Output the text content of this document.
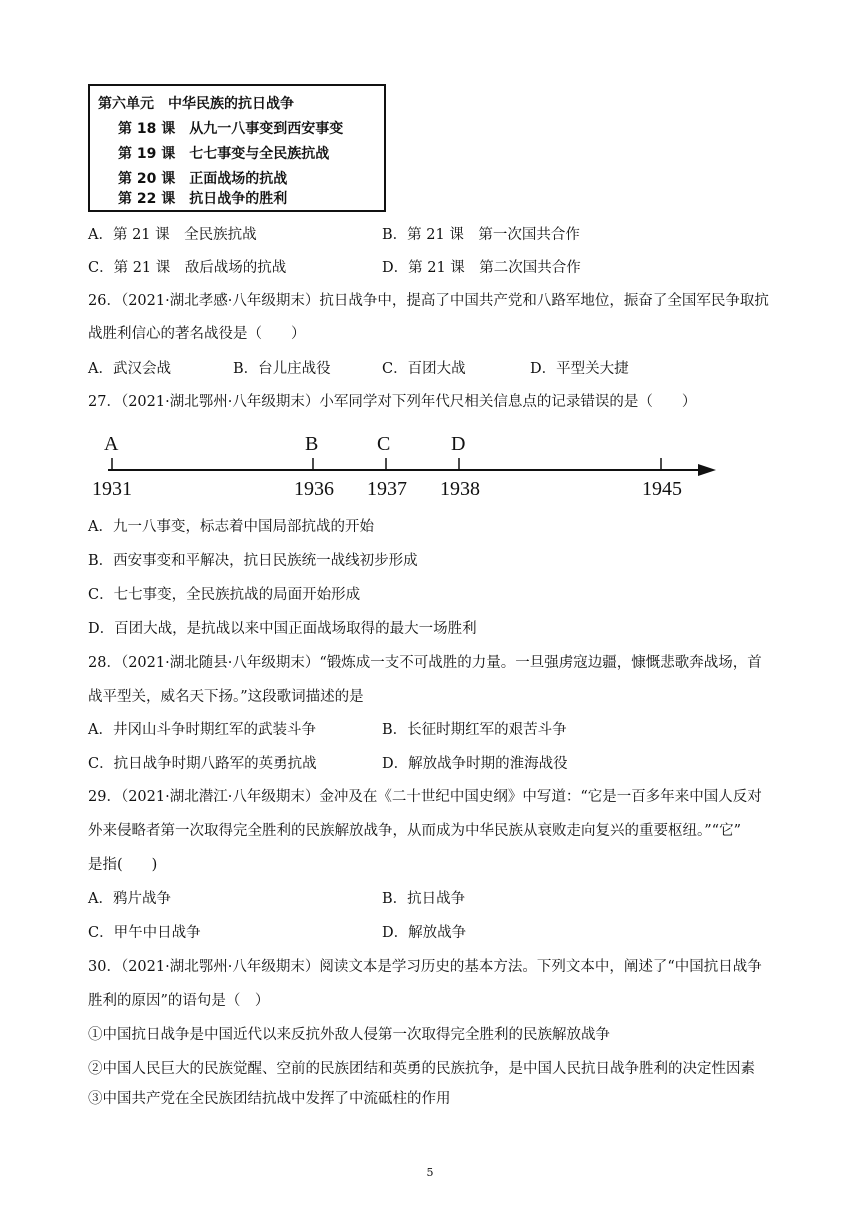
第六单元　中华民族的抗日战争
第 18 课　从九一八事变到西安事变
第 19 课　七七事变与全民族抗战
第 20 课　正面战场的抗战
第 22 课　抗日战争的胜利
A．第 21 课　全民族抗战	B．第 21 课　第一次国共合作
C．第 21 课　敌后战场的抗战	D．第 21 课　第二次国共合作
26．（2021·湖北孝感·八年级期末）抗日战争中，提高了中国共产党和八路军地位，振奋了全国军民争取抗
战胜利信心的著名战役是（　　）
A．武汉会战	B．台儿庄战役	C．百团大战	D．平型关大捷
27．（2021·湖北鄂州·八年级期末）小军同学对下列年代尺相关信息点的记录错误的是（　　）
A	B	C	D
1931	1936 1937 1938	1945
A．九一八事变，标志着中国局部抗战的开始
B．西安事变和平解决，抗日民族统一战线初步形成
C．七七事变，全民族抗战的局面开始形成
D．百团大战，是抗战以来中国正面战场取得的最大一场胜利
28．（2021·湖北随县·八年级期末）“锻炼成一支不可战胜的力量。一旦强虏寇边疆，慷慨悲歌奔战场，首
战平型关，威名天下扬。”这段歌词描述的是
A．井冈山斗争时期红军的武装斗争	B．长征时期红军的艰苦斗争
C．抗日战争时期八路军的英勇抗战	D．解放战争时期的淮海战役
29．（2021·湖北潜江·八年级期末）金冲及在《二十世纪中国史纲》中写道：“它是一百多年来中国人反对
外来侵略者第一次取得完全胜利的民族解放战争，从而成为中华民族从衰败走向复兴的重要枢纽。”“它”
是指(　　)
A．鸦片战争	B．抗日战争
C．甲午中日战争	D．解放战争
30．（2021·湖北鄂州·八年级期末）阅读文本是学习历史的基本方法。下列文本中，阐述了“中国抗日战争
胜利的原因”的语句是（　）
①中国抗日战争是中国近代以来反抗外敌人侵第一次取得完全胜利的民族解放战争
②中国人民巨大的民族觉醒、空前的民族团结和英勇的民族抗争，是中国人民抗日战争胜利的决定性因素
③中国共产党在全民族团结抗战中发挥了中流砥柱的作用
5
